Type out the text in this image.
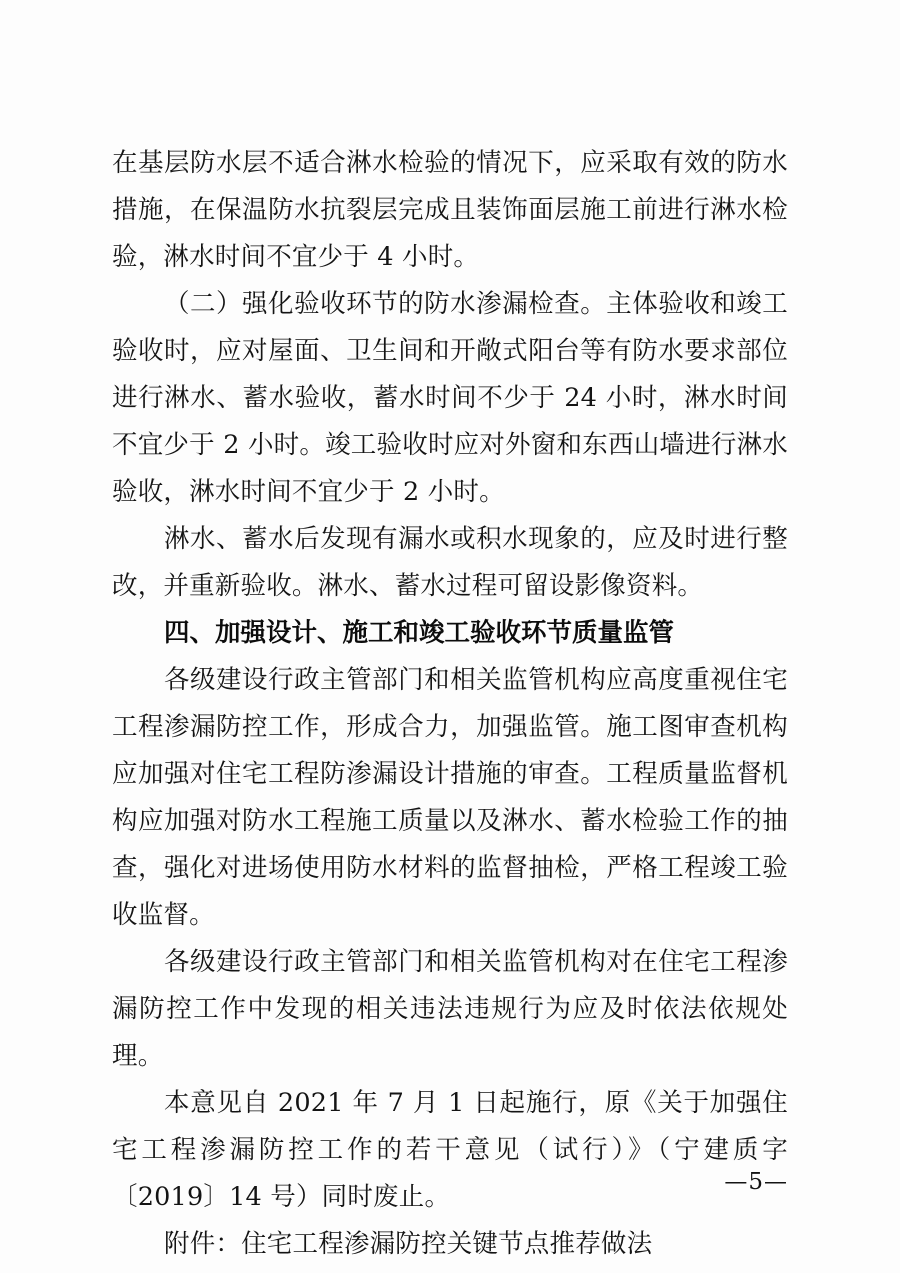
在基层防水层不适合淋水检验的情况下，应采取有效的防水措施，在保温防水抗裂层完成且装饰面层施工前进行淋水检验，淋水时间不宜少于 4 小时。

（二）强化验收环节的防水渗漏检查。主体验收和竣工验收时，应对屋面、卫生间和开敞式阳台等有防水要求部位进行淋水、蓄水验收，蓄水时间不少于 24 小时，淋水时间不宜少于 2 小时。竣工验收时应对外窗和东西山墙进行淋水验收，淋水时间不宜少于 2 小时。

淋水、蓄水后发现有漏水或积水现象的，应及时进行整改，并重新验收。淋水、蓄水过程可留设影像资料。

四、加强设计、施工和竣工验收环节质量监管

各级建设行政主管部门和相关监管机构应高度重视住宅工程渗漏防控工作，形成合力，加强监管。施工图审查机构应加强对住宅工程防渗漏设计措施的审查。工程质量监督机构应加强对防水工程施工质量以及淋水、蓄水检验工作的抽查，强化对进场使用防水材料的监督抽检，严格工程竣工验收监督。

各级建设行政主管部门和相关监管机构对在住宅工程渗漏防控工作中发现的相关违法违规行为应及时依法依规处理。

本意见自 2021 年 7 月 1 日起施行，原《关于加强住宅工程渗漏防控工作的若干意见（试行）》（宁建质字〔2019〕14 号）同时废止。

附件：住宅工程渗漏防控关键节点推荐做法

—5—
